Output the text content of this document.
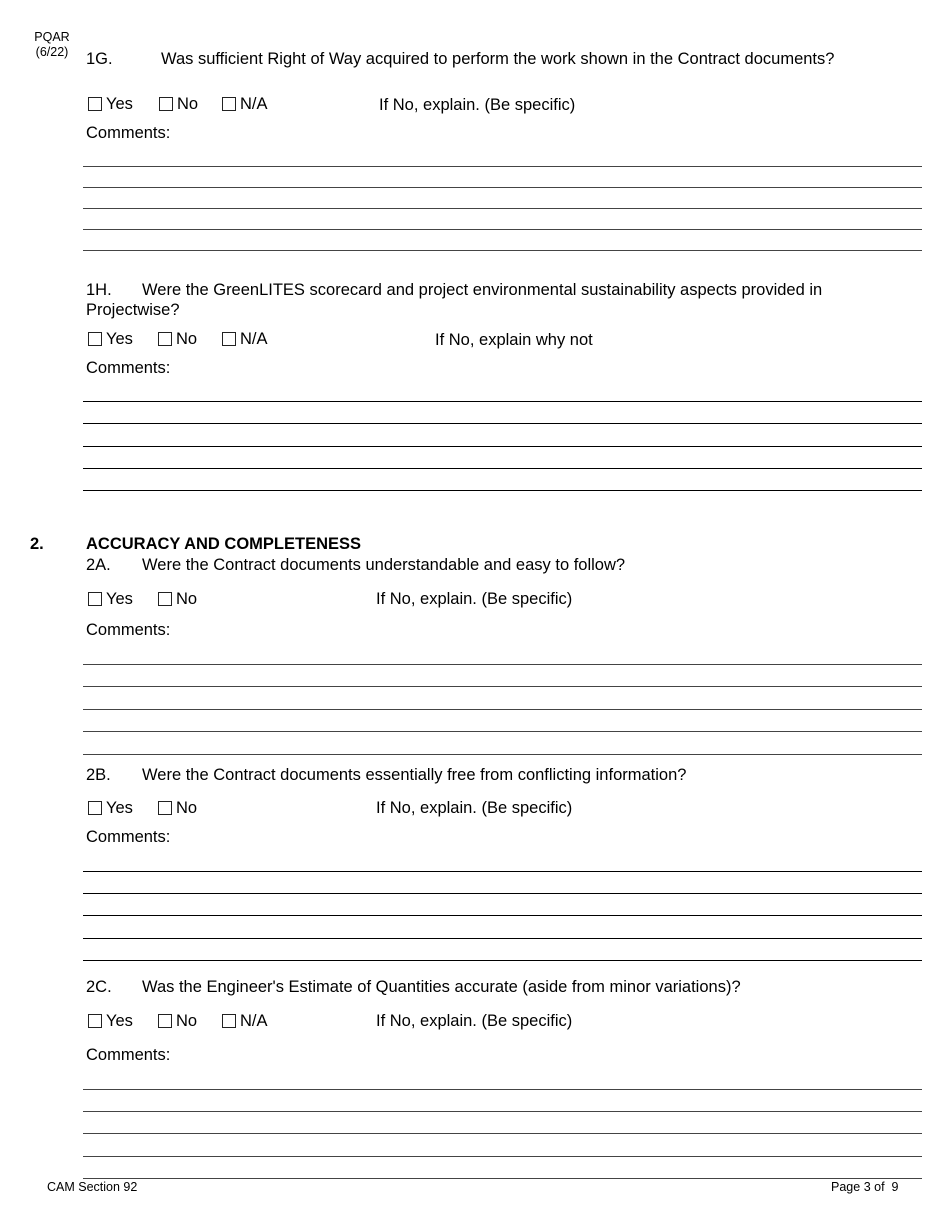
PQAR
(6/22)	1G.	Was sufficient Right of Way acquired to perform the work shown in the Contract documents?
Yes	No	N/A	If No, explain. (Be specific)
Comments:
1H. Were the GreenLITES scorecard and project environmental sustainability aspects provided in
Projectwise?
Yes	No	N/A	If No, explain why not
Comments:
2.	ACCURACY AND COMPLETENESS
2A. Were the Contract documents understandable and easy to follow?
Yes	No	If No, explain. (Be specific)
Comments:
2B. Were the Contract documents essentially free from conflicting information?
Yes	No	If No, explain. (Be specific)
Comments:
2C. Was the Engineer's Estimate of Quantities accurate (aside from minor variations)?
Yes	No	N/A	If No, explain. (Be specific)
Comments:
CAM Section 92	Page 3 of 9
